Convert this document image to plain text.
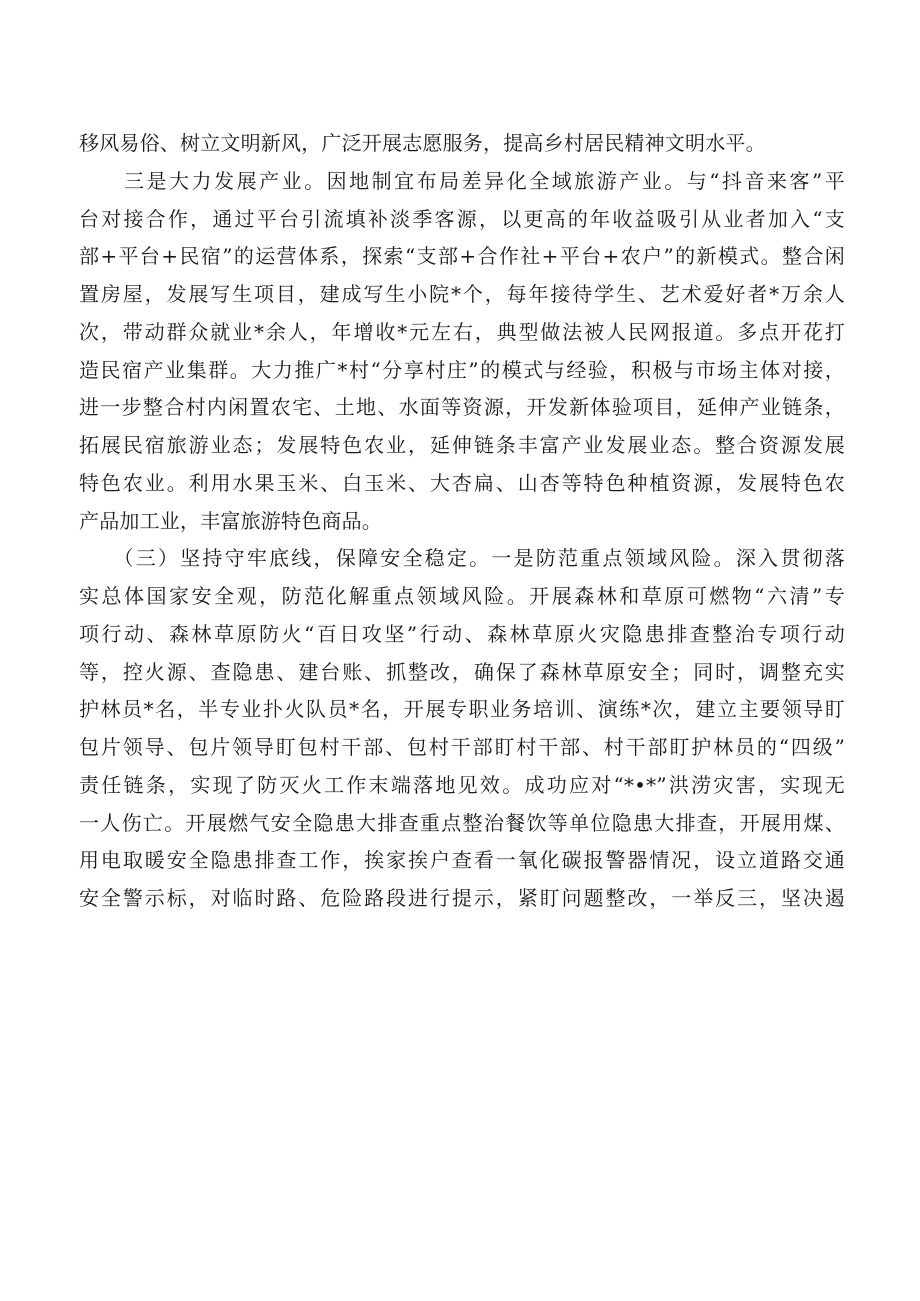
移风易俗、树立文明新风，广泛开展志愿服务，提高乡村居民精神文明水平。
　　三是大力发展产业。因地制宜布局差异化全域旅游产业。与“抖音来客”平
台对接合作，通过平台引流填补淡季客源，以更高的年收益吸引从业者加入“支
部+平台+民宿”的运营体系，探索“支部+合作社+平台+农户”的新模式。整合闲
置房屋，发展写生项目，建成写生小院*个，每年接待学生、艺术爱好者*万余人
次，带动群众就业*余人，年增收*元左右，典型做法被人民网报道。多点开花打
造民宿产业集群。大力推广*村“分享村庄”的模式与经验，积极与市场主体对接，
进一步整合村内闲置农宅、土地、水面等资源，开发新体验项目，延伸产业链条，
拓展民宿旅游业态；发展特色农业，延伸链条丰富产业发展业态。整合资源发展
特色农业。利用水果玉米、白玉米、大杏扁、山杏等特色种植资源，发展特色农
产品加工业，丰富旅游特色商品。
　　（三）坚持守牢底线，保障安全稳定。一是防范重点领域风险。深入贯彻落
实总体国家安全观，防范化解重点领域风险。开展森林和草原可燃物“六清”专
项行动、森林草原防火“百日攻坚”行动、森林草原火灾隐患排查整治专项行动
等，控火源、查隐患、建台账、抓整改，确保了森林草原安全；同时，调整充实
护林员*名，半专业扑火队员*名，开展专职业务培训、演练*次，建立主要领导盯
包片领导、包片领导盯包村干部、包村干部盯村干部、村干部盯护林员的“四级”
责任链条，实现了防灭火工作末端落地见效。成功应对“*•*”洪涝灾害，实现无
一人伤亡。开展燃气安全隐患大排查重点整治餐饮等单位隐患大排查，开展用煤、
用电取暖安全隐患排查工作，挨家挨户查看一氧化碳报警器情况，设立道路交通
安全警示标，对临时路、危险路段进行提示，紧盯问题整改，一举反三，坚决遏
